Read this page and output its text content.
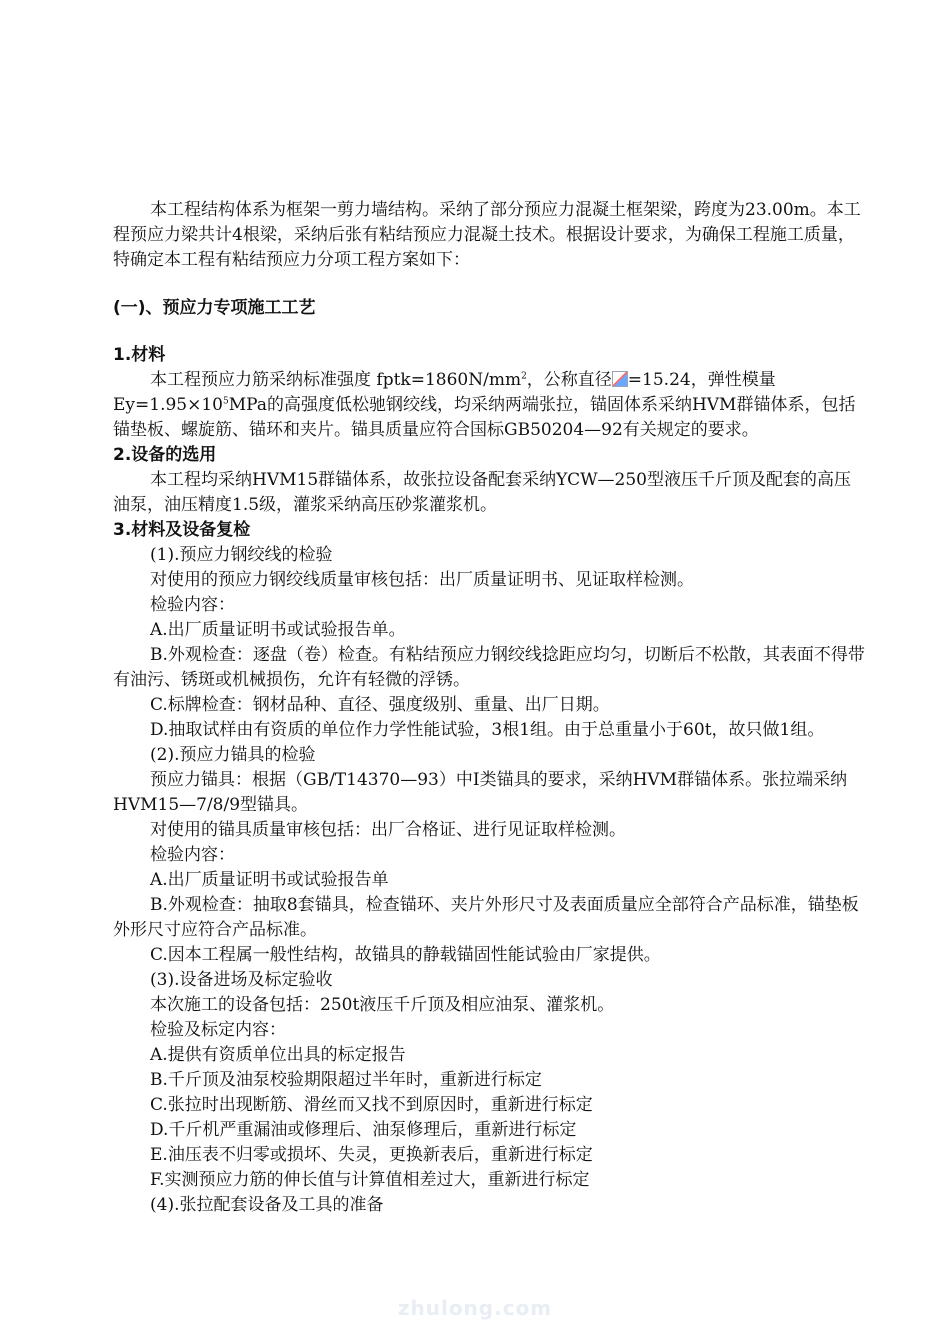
本工程结构体系为框架一剪力墙结构。采纳了部分预应力混凝土框架梁，跨度为23.00m。本工程预应力梁共计4根梁，采纳后张有粘结预应力混凝土技术。根据设计要求，为确保工程施工质量，特确定本工程有粘结预应力分项工程方案如下：

(一)、预应力专项施工工艺

1.材料

本工程预应力筋采纳标准强度 $fptk=1860N/mm^2$，公称直径 =15.24，弹性模量$Ey=1.95\times 10^5MPa$的高强度低松驰钢绞线，均采纳两端张拉，锚固体系采纳HVM群锚体系，包括锚垫板、螺旋筋、锚环和夹片。锚具质量应符合国标GB50204—92有关规定的要求。

2.设备的选用

本工程均采纳HVM15群锚体系，故张拉设备配套采纳YCW—250型液压千斤顶及配套的高压油泵，油压精度1.5级，灌浆采纳高压砂浆灌浆机。

3.材料及设备复检

(1).预应力钢绞线的检验

对使用的预应力钢绞线质量审核包括：出厂质量证明书、见证取样检测。

检验内容：

A.出厂质量证明书或试验报告单。

B.外观检查：逐盘（卷）检查。有粘结预应力钢绞线捻距应均匀，切断后不松散，其表面不得带有油污、锈斑或机械损伤，允许有轻微的浮锈。

C.标牌检查：钢材品种、直径、强度级别、重量、出厂日期。

D.抽取试样由有资质的单位作力学性能试验，3根1组。由于总重量小于60t，故只做1组。

(2).预应力锚具的检验

预应力锚具：根据（GB/T14370—93）中Ⅰ类锚具的要求，采纳HVM群锚体系。张拉端采纳HVM15—7/8/9型锚具。

对使用的锚具质量审核包括：出厂合格证、进行见证取样检测。

检验内容：

A.出厂质量证明书或试验报告单

B.外观检查：抽取8套锚具，检查锚环、夹片外形尺寸及表面质量应全部符合产品标准，锚垫板外形尺寸应符合产品标准。

C.因本工程属一般性结构，故锚具的静载锚固性能试验由厂家提供。

(3).设备进场及标定验收

本次施工的设备包括：250t液压千斤顶及相应油泵、灌浆机。

检验及标定内容：

A.提供有资质单位出具的标定报告

B.千斤顶及油泵校验期限超过半年时，重新进行标定

C.张拉时出现断筋、滑丝而又找不到原因时，重新进行标定

D.千斤机严重漏油或修理后、油泵修理后，重新进行标定

E.油压表不归零或损坏、失灵，更换新表后，重新进行标定

F.实测预应力筋的伸长值与计算值相差过大，重新进行标定

(4).张拉配套设备及工具的准备

zhulong.com
